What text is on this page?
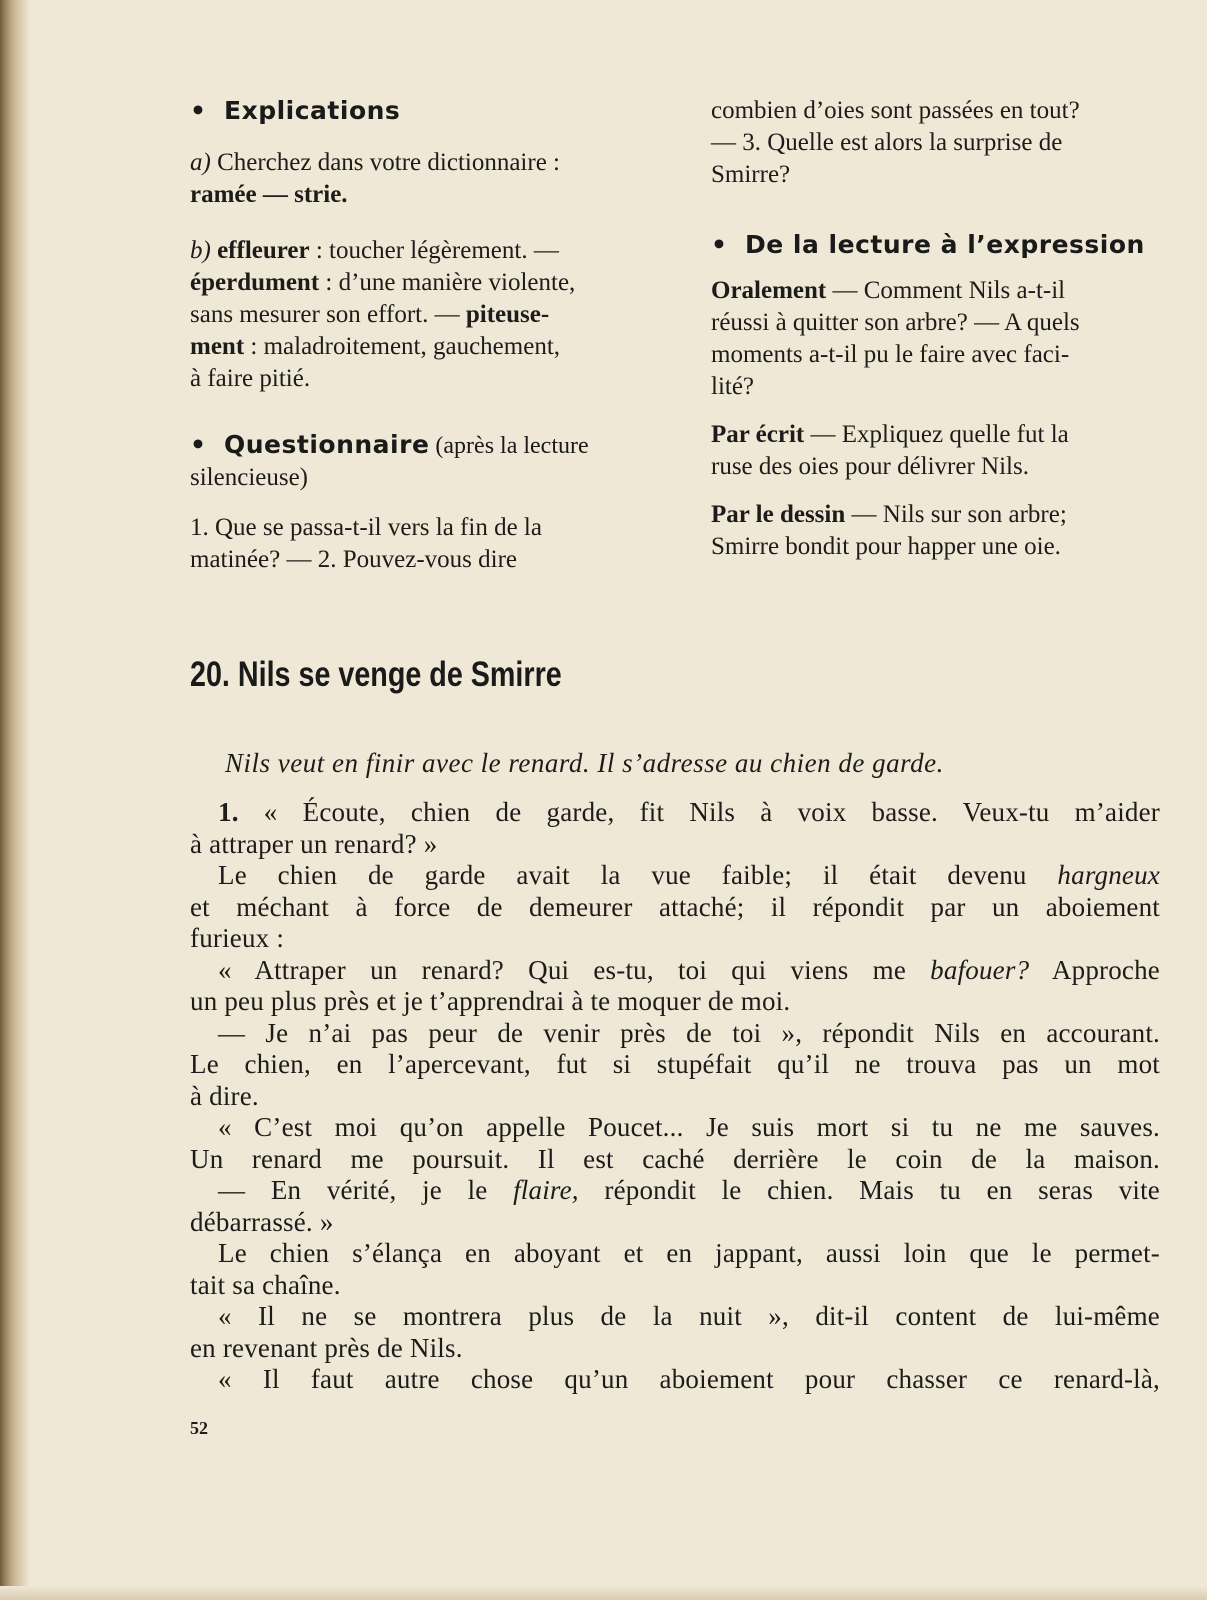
• Explications

a) Cherchez dans votre dictionnaire :
ramée — strie.

b) effleurer : toucher légèrement. —
éperdument : d’une manière violente,
sans mesurer son effort. — piteuse-
ment : maladroitement, gauchement,
à faire pitié.

• Questionnaire (après la lecture

silencieuse)

1. Que se passa-t-il vers la fin de la
matinée? — 2. Pouvez-vous dire

combien d’oies sont passées en tout?
— 3. Quelle est alors la surprise de
Smirre?

• De la lecture à l’expression

Oralement — Comment Nils a-t-il
réussi à quitter son arbre? — A quels
moments a-t-il pu le faire avec faci-
lité?

Par écrit — Expliquez quelle fut la
ruse des oies pour délivrer Nils.

Par le dessin — Nils sur son arbre;
Smirre bondit pour happer une oie.

20. Nils se venge de Smirre

Nils veut en finir avec le renard. Il s’adresse au chien de garde.

1. « Écoute, chien de garde, fit Nils à voix basse. Veux-tu m’aider

à attraper un renard? »

Le chien de garde avait la vue faible; il était devenu hargneux

et méchant à force de demeurer attaché; il répondit par un aboiement

furieux :

« Attraper un renard? Qui es-tu, toi qui viens me bafouer? Approche

un peu plus près et je t’apprendrai à te moquer de moi.

— Je n’ai pas peur de venir près de toi », répondit Nils en accourant.

Le chien, en l’apercevant, fut si stupéfait qu’il ne trouva pas un mot

à dire.

« C’est moi qu’on appelle Poucet... Je suis mort si tu ne me sauves.

Un renard me poursuit. Il est caché derrière le coin de la maison.

— En vérité, je le flaire, répondit le chien. Mais tu en seras vite

débarrassé. »

Le chien s’élança en aboyant et en jappant, aussi loin que le permet-

tait sa chaîne.

« Il ne se montrera plus de la nuit », dit-il content de lui-même

en revenant près de Nils.

« Il faut autre chose qu’un aboiement pour chasser ce renard-là,

52
